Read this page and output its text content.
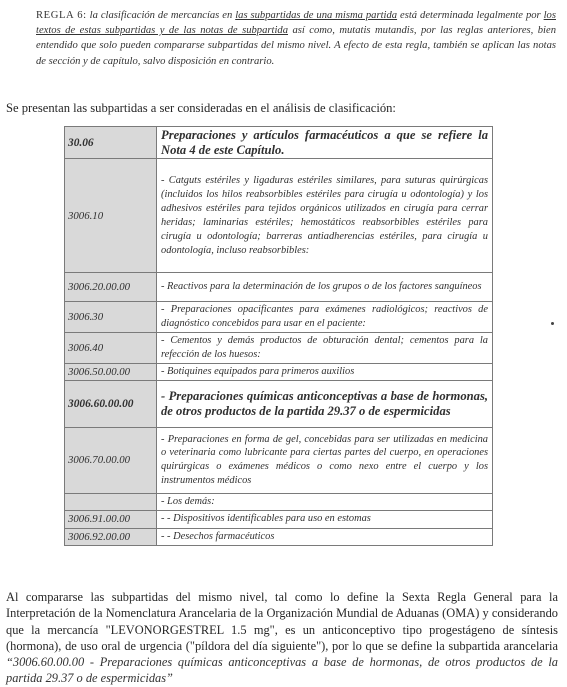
REGLA 6: la clasificación de mercancías en las subpartidas de una misma partida está determinada legalmente por los textos de estas subpartidas y de las notas de subpartida así como, mutatis mutandis, por las reglas anteriores, bien entendido que solo pueden compararse subpartidas del mismo nivel. A efecto de esta regla, también se aplican las notas de sección y de capítulo, salvo disposición en contrario.
Se presentan las subpartidas a ser consideradas en el análisis de clasificación:
30.06	Preparaciones y artículos farmacéuticos a que se refiere la Nota 4 de este Capítulo.
3006.10	- Catguts estériles y ligaduras estériles similares, para suturas quirúrgicas (incluidos los hilos reabsorbibles estériles para cirugía u odontología) y los adhesivos estériles para tejidos orgánicos utilizados en cirugía para cerrar heridas; laminarias estériles; hemostáticos reabsorbibles estériles para cirugía u odontología; barreras antiadherencias estériles, para cirugía u odontología, incluso reabsorbibles:
3006.20.00.00	- Reactivos para la determinación de los grupos o de los factores sanguíneos
3006.30	- Preparaciones opacificantes para exámenes radiológicos; reactivos de diagnóstico concebidos para usar en el paciente:
3006.40	- Cementos y demás productos de obturación dental; cementos para la refección de los huesos:
3006.50.00.00	- Botiquines equipados para primeros auxilios
3006.60.00.00	- Preparaciones químicas anticonceptivas a base de hormonas, de otros productos de la partida 29.37 o de espermicidas
3006.70.00.00	- Preparaciones en forma de gel, concebidas para ser utilizadas en medicina o veterinaria como lubricante para ciertas partes del cuerpo, en operaciones quirúrgicas o exámenes médicos o como nexo entre el cuerpo y los instrumentos médicos
	- Los demás:
3006.91.00.00	- - Dispositivos identificables para uso en estomas
3006.92.00.00	- - Desechos farmacéuticos
Al compararse las subpartidas del mismo nivel, tal como lo define la Sexta Regla General para la Interpretación de la Nomenclatura Arancelaria de la Organización Mundial de Aduanas (OMA) y considerando que la mercancía "LEVONORGESTREL 1.5 mg", es un anticonceptivo tipo progestágeno de síntesis (hormona), de uso oral de urgencia ("píldora del día siguiente"), por lo que se define la subpartida arancelaria “3006.60.00.00 - Preparaciones químicas anticonceptivas a base de hormonas, de otros productos de la partida 29.37 o de espermicidas”
